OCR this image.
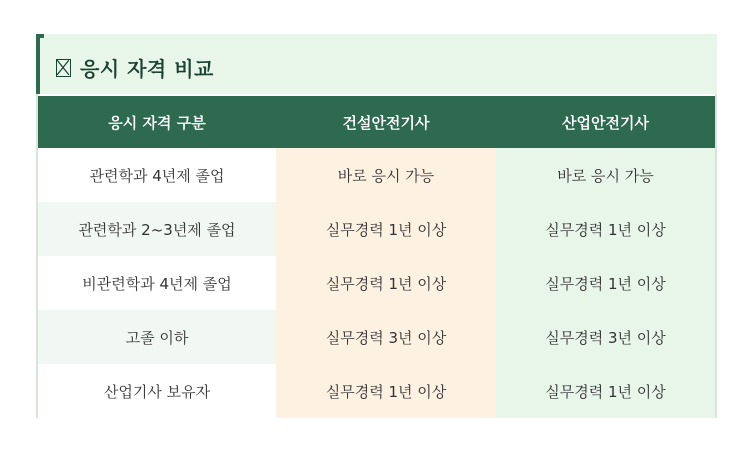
응시 자격 비교
응시 자격 구분	건설안전기사	산업안전기사
관련학과 4년제 졸업	바로 응시 가능	바로 응시 가능
관련학과 2~3년제 졸업	실무경력 1년 이상	실무경력 1년 이상
비관련학과 4년제 졸업	실무경력 1년 이상	실무경력 1년 이상
고졸 이하	실무경력 3년 이상	실무경력 3년 이상
산업기사 보유자	실무경력 1년 이상	실무경력 1년 이상
